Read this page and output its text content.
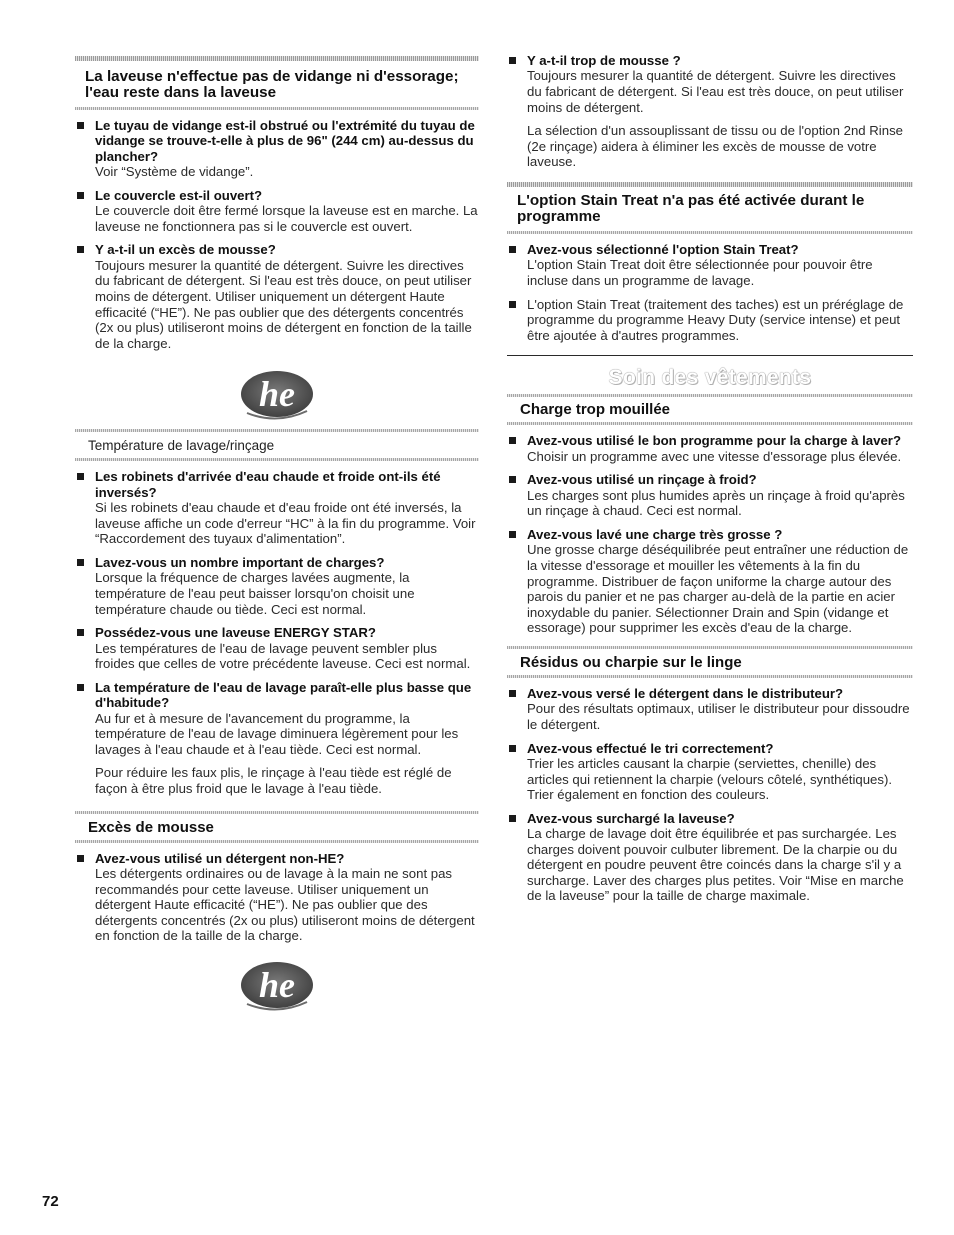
La laveuse n'effectue pas de vidange ni d'essorage; l'eau reste dans la laveuse
Le tuyau de vidange est-il obstrué ou l'extrémité du tuyau de vidange se trouve-t-elle à plus de 96" (244 cm) au-dessus du plancher?
Voir “Système de vidange”.
Le couvercle est-il ouvert?
Le couvercle doit être fermé lorsque la laveuse est en marche. La laveuse ne fonctionnera pas si le couvercle est ouvert.
Y a-t-il un excès de mousse?
Toujours mesurer la quantité de détergent. Suivre les directives du fabricant de détergent. Si l'eau est très douce, on peut utiliser moins de détergent. Utiliser uniquement un détergent Haute efficacité (“HE”). Ne pas oublier que des détergents concentrés (2x ou plus) utiliseront moins de détergent en fonction de la taille de la charge.
he
Température de lavage/rinçage
Les robinets d'arrivée d'eau chaude et froide ont-ils été inversés?
Si les robinets d'eau chaude et d'eau froide ont été inversés, la laveuse affiche un code d'erreur “HC” à la fin du programme. Voir “Raccordement des tuyaux d'alimentation”.
Lavez-vous un nombre important de charges?
Lorsque la fréquence de charges lavées augmente, la température de l'eau peut baisser lorsqu'on choisit une température chaude ou tiède. Ceci est normal.
Possédez-vous une laveuse ENERGY STAR?
Les températures de l'eau de lavage peuvent sembler plus froides que celles de votre précédente laveuse. Ceci est normal.
La température de l'eau de lavage paraît-elle plus basse que d'habitude?
Au fur et à mesure de l'avancement du programme, la température de l'eau de lavage diminuera légèrement pour les lavages à l'eau chaude et à l'eau tiède. Ceci est normal.
Pour réduire les faux plis, le rinçage à l'eau tiède est réglé de façon à être plus froid que le lavage à l'eau tiède.
Excès de mousse
Avez-vous utilisé un détergent non-HE?
Les détergents ordinaires ou de lavage à la main ne sont pas recommandés pour cette laveuse. Utiliser uniquement un détergent Haute efficacité (“HE”). Ne pas oublier que des détergents concentrés (2x ou plus) utiliseront moins de détergent en fonction de la taille de la charge.
he
Y a-t-il trop de mousse ?
Toujours mesurer la quantité de détergent. Suivre les directives du fabricant de détergent. Si l'eau est très douce, on peut utiliser moins de détergent.
La sélection d'un assouplissant de tissu ou de l'option 2nd Rinse (2e rinçage) aidera à éliminer les excès de mousse de votre laveuse.
L'option Stain Treat n'a pas été activée durant le programme
Avez-vous sélectionné l'option Stain Treat?
L'option Stain Treat doit être sélectionnée pour pouvoir être incluse dans un programme de lavage.
L'option Stain Treat (traitement des taches) est un préréglage de programme du programme Heavy Duty (service intense) et peut être ajoutée à d'autres programmes.
Soin des vêtements
Charge trop mouillée
Avez-vous utilisé le bon programme pour la charge à laver?
Choisir un programme avec une vitesse d'essorage plus élevée.
Avez-vous utilisé un rinçage à froid?
Les charges sont plus humides après un rinçage à froid qu'après un rinçage à chaud. Ceci est normal.
Avez-vous lavé une charge très grosse ?
Une grosse charge déséquilibrée peut entraîner une réduction de la vitesse d'essorage et mouiller les vêtements à la fin du programme. Distribuer de façon uniforme la charge autour des parois du panier et ne pas charger au-delà de la partie en acier inoxydable du panier. Sélectionner Drain and Spin (vidange et essorage) pour supprimer les excès d'eau de la charge.
Résidus ou charpie sur le linge
Avez-vous versé le détergent dans le distributeur?
Pour des résultats optimaux, utiliser le distributeur pour dissoudre le détergent.
Avez-vous effectué le tri correctement?
Trier les articles causant la charpie (serviettes, chenille) des articles qui retiennent la charpie (velours côtelé, synthétiques). Trier également en fonction des couleurs.
Avez-vous surchargé la laveuse?
La charge de lavage doit être équilibrée et pas surchargée. Les charges doivent pouvoir culbuter librement. De la charpie ou du détergent en poudre peuvent être coincés dans la charge s'il y a surcharge. Laver des charges plus petites. Voir “Mise en marche de la laveuse” pour la taille de charge maximale.
72
